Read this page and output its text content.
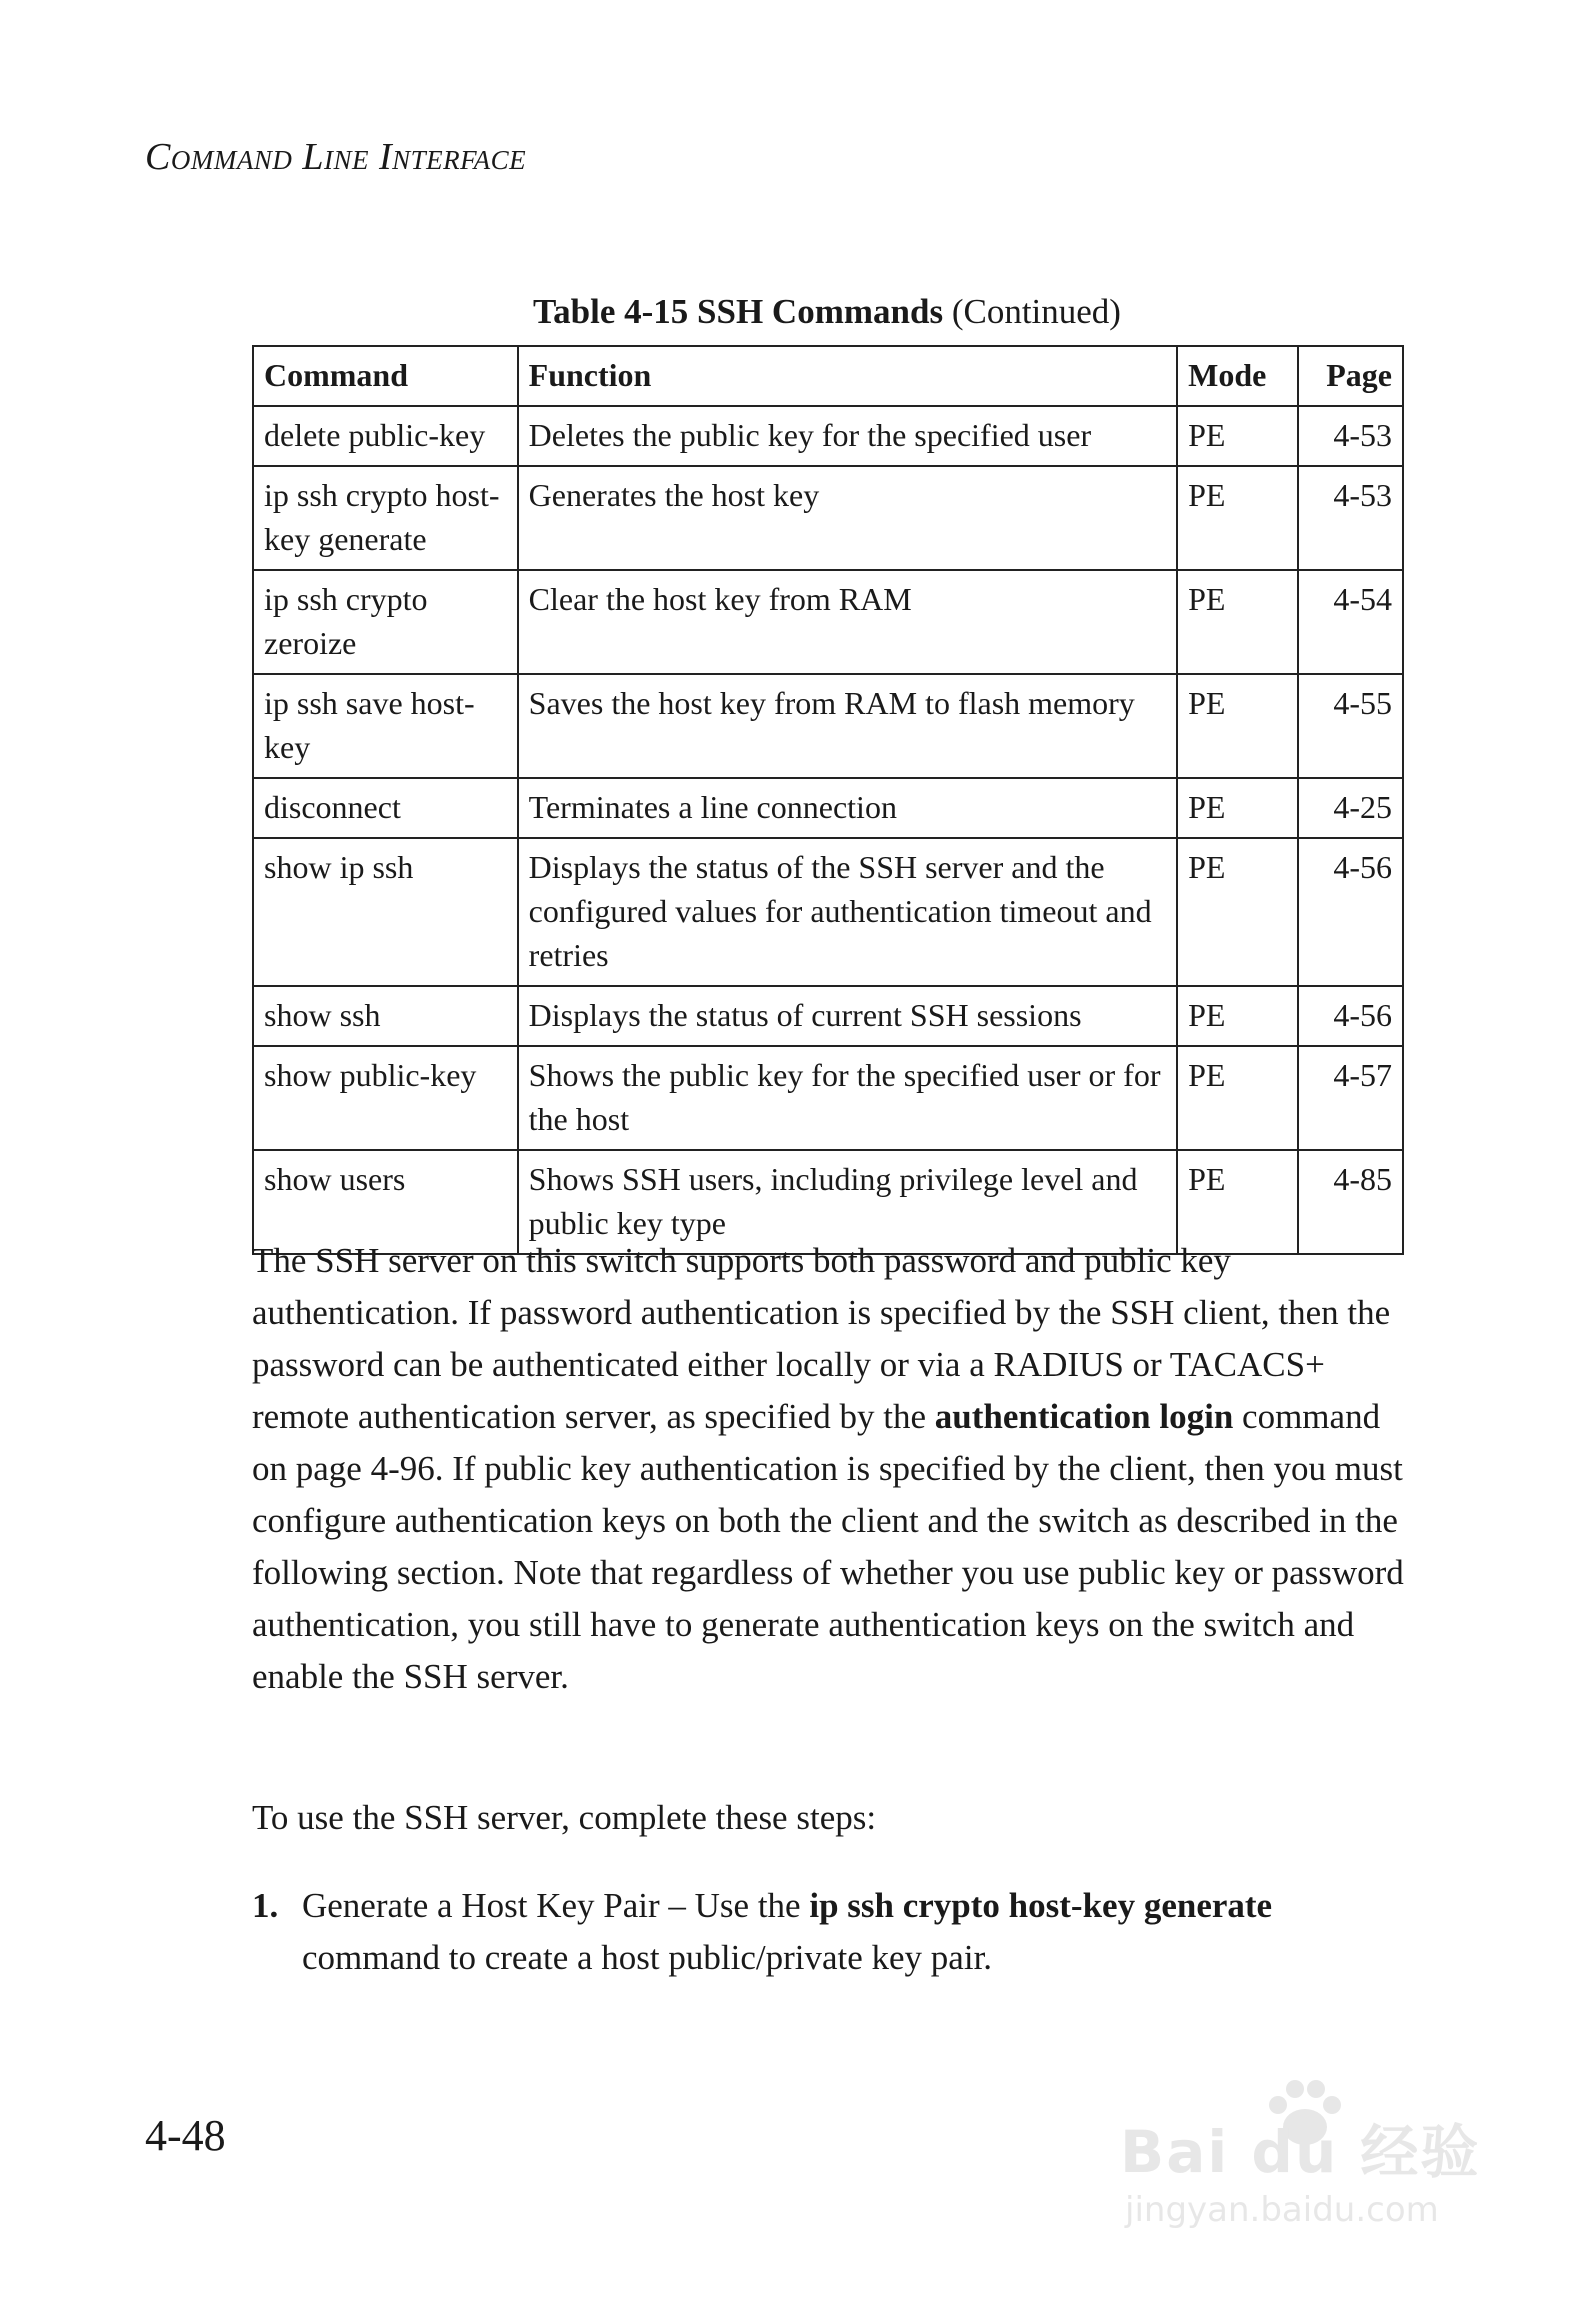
Command Line Interface
Table 4-15 SSH Commands (Continued)
Command	Function	Mode	Page
delete public-key	Deletes the public key for the specified user	PE	4-53
ip ssh crypto host-key generate	Generates the host key	PE	4-53
ip ssh crypto zeroize	Clear the host key from RAM	PE	4-54
ip ssh save host-key	Saves the host key from RAM to flash memory	PE	4-55
disconnect	Terminates a line connection	PE	4-25
show ip ssh	Displays the status of the SSH server and the configured values for authentication timeout and retries	PE	4-56
show ssh	Displays the status of current SSH sessions	PE	4-56
show public-key	Shows the public key for the specified user or for the host	PE	4-57
show users	Shows SSH users, including privilege level and public key type	PE	4-85

The SSH server on this switch supports both password and public key authentication. If password authentication is specified by the SSH client, then the password can be authenticated either locally or via a RADIUS or TACACS+ remote authentication server, as specified by the authentication login command on page 4-96. If public key authentication is specified by the client, then you must configure authentication keys on both the client and the switch as described in the following section. Note that regardless of whether you use public key or password authentication, you still have to generate authentication keys on the switch and enable the SSH server.

To use the SSH server, complete these steps:

1. Generate a Host Key Pair – Use the ip ssh crypto host-key generate command to create a host public/private key pair.
4-48	Bai du 经验
jingyan.baidu.com
